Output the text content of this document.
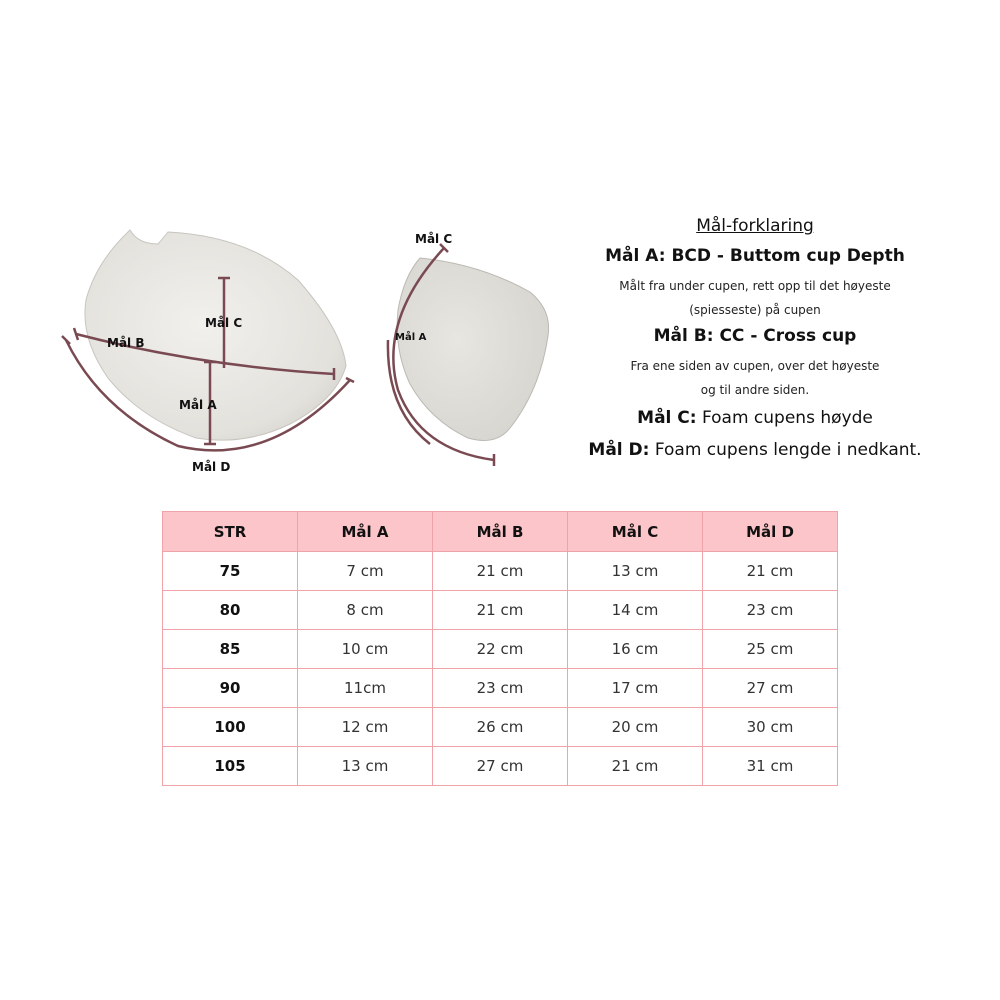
Mål C
Mål B
Mål A
Mål D
Mål C
Mål A
Mål-forklaring
Mål A: BCD - Buttom cup Depth
Målt fra under cupen, rett opp til det høyeste
(spiesseste) på cupen
Mål B: CC - Cross cup
Fra ene siden av cupen, over det høyeste
og til andre siden.
Mål C: Foam cupens høyde
Mål D: Foam cupens lengde i nedkant.
STR	Mål A	Mål B	Mål C	Mål D
75	7 cm	21 cm	13 cm	21 cm
80	8 cm	21 cm	14 cm	23 cm
85	10 cm	22 cm	16 cm	25 cm
90	11cm	23 cm	17 cm	27 cm
100	12 cm	26 cm	20 cm	30 cm
105	13 cm	27 cm	21 cm	31 cm
